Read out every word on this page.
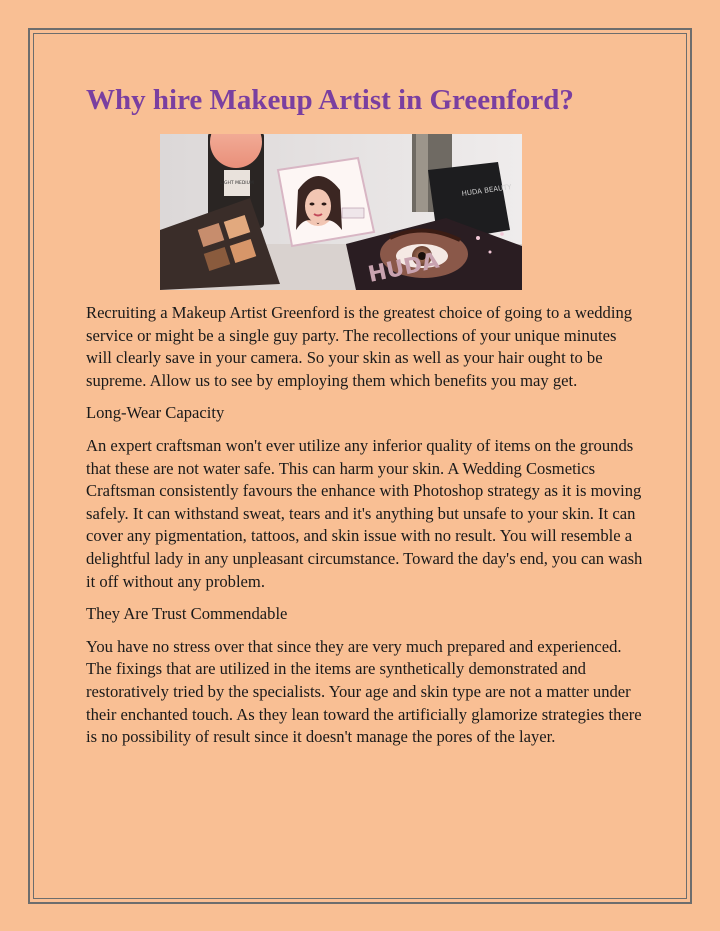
Why hire Makeup Artist in Greenford?
LIGHT MEDIUM	HUDA BEAUTY
HUDA

Recruiting a Makeup Artist Greenford is the greatest choice of going to a wedding service or might be a single guy party. The recollections of your unique minutes will clearly save in your camera. So your skin as well as your hair ought to be supreme. Allow us to see by employing them which benefits you may get.

Long-Wear Capacity

An expert craftsman won't ever utilize any inferior quality of items on the grounds that these are not water safe. This can harm your skin. A Wedding Cosmetics Craftsman consistently favours the enhance with Photoshop strategy as it is moving safely. It can withstand sweat, tears and it's anything but unsafe to your skin. It can cover any pigmentation, tattoos, and skin issue with no result. You will resemble a delightful lady in any unpleasant circumstance. Toward the day's end, you can wash it off without any problem.

They Are Trust Commendable

You have no stress over that since they are very much prepared and experienced. The fixings that are utilized in the items are synthetically demonstrated and restoratively tried by the specialists. Your age and skin type are not a matter under their enchanted touch. As they lean toward the artificially glamorize strategies there is no possibility of result since it doesn't manage the pores of the layer.
